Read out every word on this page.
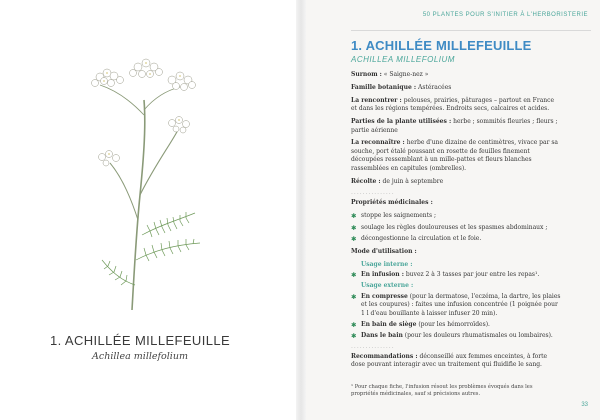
1. ACHILLÉE MILLEFEUILLE
Achillea millefolium
50 PLANTES POUR S'INITIER À L'HERBORISTERIE
1. ACHILLÉE MILLEFEUILLE
ACHILLEA MILLEFOLIUM

Surnom : « Saigne-nez »

Famille botanique : Astéracées

La rencontrer : pelouses, prairies, pâturages – partout en France et dans les régions tempérées. Endroits secs, calcaires et acides.

Parties de la plante utilisées : herbe ; sommités fleuries ; fleurs ; partie aérienne

La reconnaître : herbe d'une dizaine de centimètres, vivace par sa souche, port étalé poussant en rosette de feuilles finement découpées ressemblant à un mille-pattes et fleurs blanches rassemblées en capitules (ombrelles).

Récolte : de juin à septembre

...............

Propriétés médicinales :

✱ stoppe les saignements ;
✱ soulage les règles douloureuses et les spasmes abdominaux ;
✱ décongestionne la circulation et le foie.

Mode d'utilisation :

Usage interne :
✱ En infusion : buvez 2 à 3 tasses par jour entre les repas¹.
Usage externe :
✱ En compresse (pour la dermatose, l'eczéma, la dartre, les plaies et les coupures) : faites une infusion concentrée (1 poignée pour 1 l d'eau bouillante à laisser infuser 20 min).
✱ En bain de siège (pour les hémorroïdes).
✱ Dans le bain (pour les douleurs rhumatismales ou lombaires).
...............

Recommandations : déconseillé aux femmes enceintes, à forte dose pouvant interagir avec un traitement qui fluidifie le sang.

¹ Pour chaque fiche, l'infusion résout les problèmes évoqués dans les propriétés médicinales, sauf si précisions autres.
33
